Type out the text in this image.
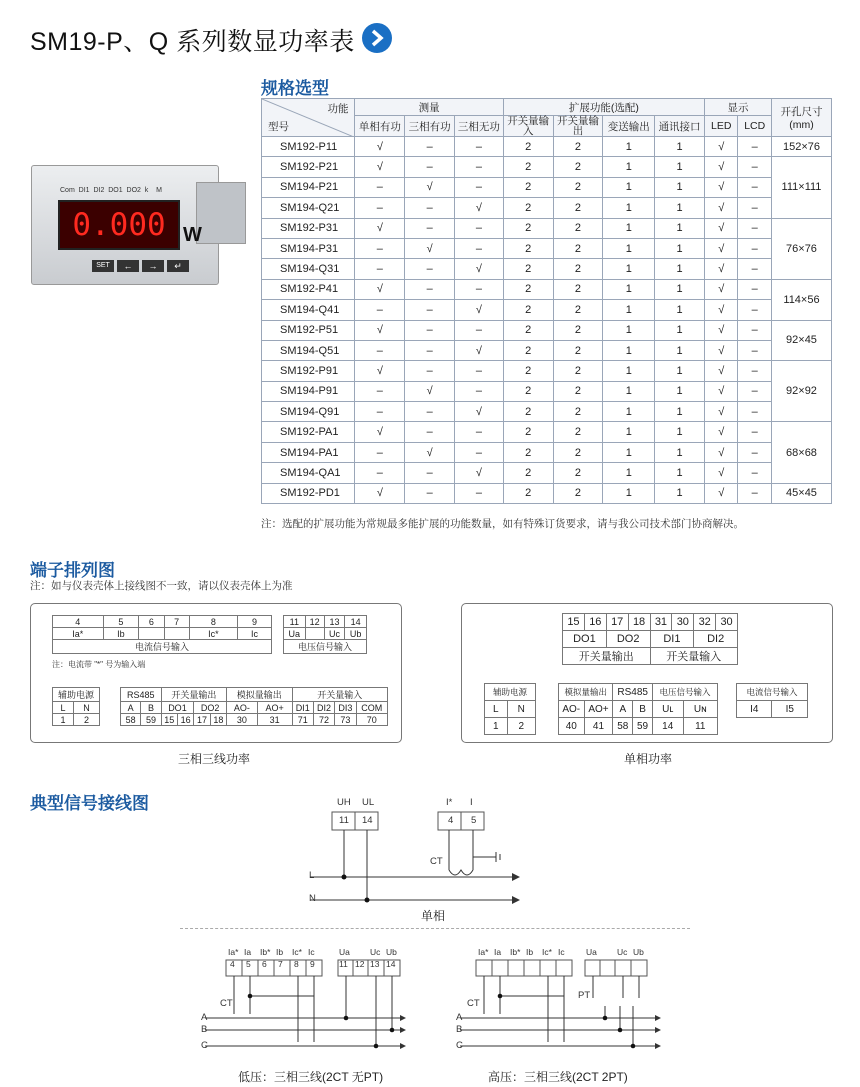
SM19-P、Q 系列数显功率表
规格选型
Com  DI1  DI2  DO1  DO2  k    M
0.000 W
SET	←	→	↵
功能
型号	测量			扩展功能(选配)				显示		开孔尺寸
(mm)
	单相有功	三相有功	三相无功	开关量输入	开关量输出	变送输出	通讯接口	LED	LCD	
SM192-P11	√	–	–	2	2	1	1	√	–	152×76
SM192-P21	√	–	–	2	2	1	1	√	–	111×111
SM194-P21	–	√	–	2	2	1	1	√	–	
SM194-Q21	–	–	√	2	2	1	1	√	–	
SM192-P31	√	–	–	2	2	1	1	√	–	76×76
SM194-P31	–	√	–	2	2	1	1	√	–	
SM194-Q31	–	–	√	2	2	1	1	√	–	
SM192-P41	√	–	–	2	2	1	1	√	–	114×56
SM194-Q41	–	–	√	2	2	1	1	√	–	
SM192-P51	√	–	–	2	2	1	1	√	–	92×45
SM194-Q51	–	–	√	2	2	1	1	√	–	
SM192-P91	√	–	–	2	2	1	1	√	–	92×92
SM194-P91	–	√	–	2	2	1	1	√	–	
SM194-Q91	–	–	√	2	2	1	1	√	–	
SM192-PA1	√	–	–	2	2	1	1	√	–	68×68
SM194-PA1	–	√	–	2	2	1	1	√	–	
SM194-QA1	–	–	√	2	2	1	1	√	–	
SM192-PD1	√	–	–	2	2	1	1	√	–	45×45
注：选配的扩展功能为常规最多能扩展的功能数量，如有特殊订货要求，请与我公司技术部门协商解决。
端子排列图
注：如与仪表壳体上接线图不一致，请以仪表壳体上为准
4	5	6	7	8	9
Ia*	Ib			Ic*	Ic
电流信号输入					
11	12	13	14
Ua		Uc	Ub
电压信号输入			
注：电流带 "*" 号为输入端
辅助电源	
L	N
1	2
RS485		开关量输出				模拟量输出		开关量输入			
A	B	DO1		DO2		AO-	AO+	DI1	DI2	DI3	COM
58	59	15	16	17	18	30	31	71	72	73	70
三相三线功率
15	16	17	18	31	30	32	30
DO1		DO2		DI1		DI2	
开关量输出				开关量输入			
辅助电源	
L	N
1	2
模拟量输出		RS485		电压信号输入	
AO-	AO+	A	B	Uʟ	Uɴ
40	41	58	59	14	11
电流信号输入
I4	I5
单相功率
典型信号接线图	UH UL
11 14
I* I
4 5
CT
L
N
单相
Ia* Ia Ib* Ib Ic* Ic
4 5 6 7 8 9
Ua Uc Ub
11 12 13 14
Ia* Ia Ib* Ib Ic* Ic	Ua Uc Ub
CT
A
B
C
低压：三相三线(2CT 无PT)
PT
CT
A
B
C
高压：三相三线(2CT 2PT)
